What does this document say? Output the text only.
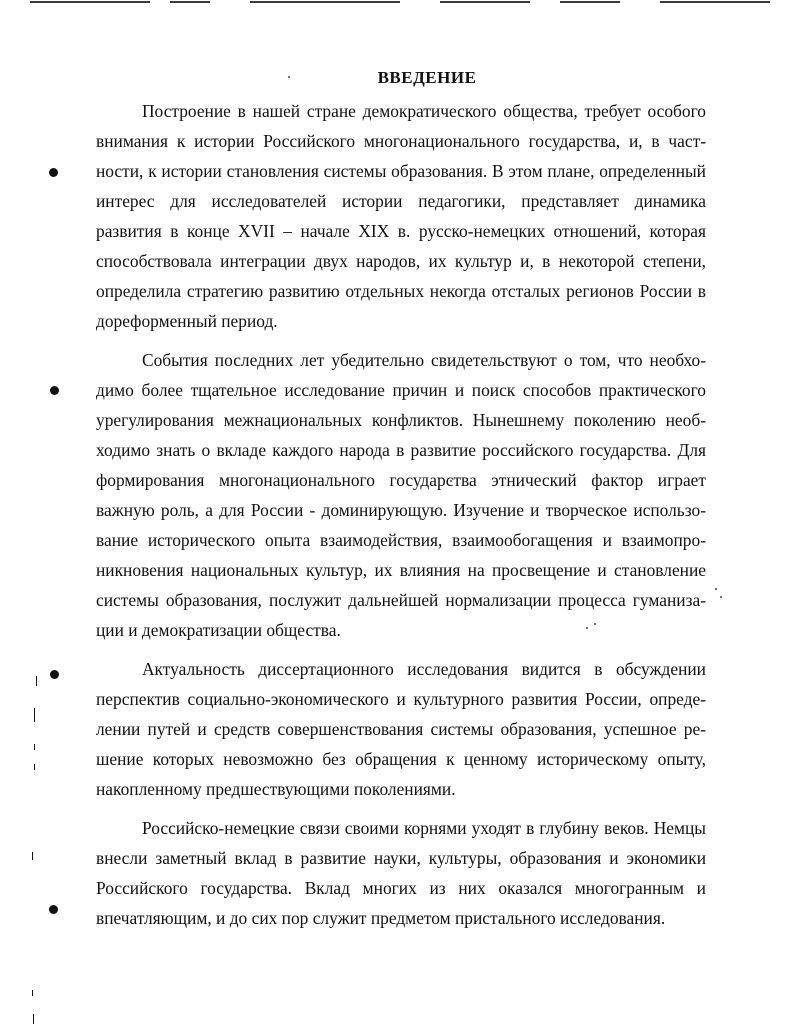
ВВЕДЕНИЕ

Построение в нашей стране демократического общества, требует особого внимания к истории Российского многонационального государства, и, в частности, к истории становления системы образования. В этом плане, определенный интерес для исследователей истории педагогики, представляет динамика развития в конце XVII – начале XIX в. русско-немецких отношений, которая способствовала интеграции двух народов, их культур и, в некоторой степени, определила стратегию развитию отдельных некогда отсталых регионов России в дореформенный период.

События последних лет убедительно свидетельствуют о том, что необходимо более тщательное исследование причин и поиск способов практического урегулирования межнациональных конфликтов. Нынешнему поколению необходимо знать о вкладе каждого народа в развитие российского государства. Для формирования многонационального государства этнический фактор играет важную роль, а для России - доминирующую. Изучение и творческое использование исторического опыта взаимодействия, взаимообогащения и взаимопроникновения национальных культур, их влияния на просвещение и становление системы образования, послужит дальнейшей нормализации процесса гуманизации и демократизации общества.

Актуальность диссертационного исследования видится в обсуждении перспектив социально-экономического и культурного развития России, определении путей и средств совершенствования системы образования, успешное решение которых невозможно без обращения к ценному историческому опыту, накопленному предшествующими поколениями.

Российско-немецкие связи своими корнями уходят в глубину веков. Немцы внесли заметный вклад в развитие науки, культуры, образования и экономики Российского государства. Вклад многих из них оказался многогранным и впечатляющим, и до сих пор служит предметом пристального исследования.
